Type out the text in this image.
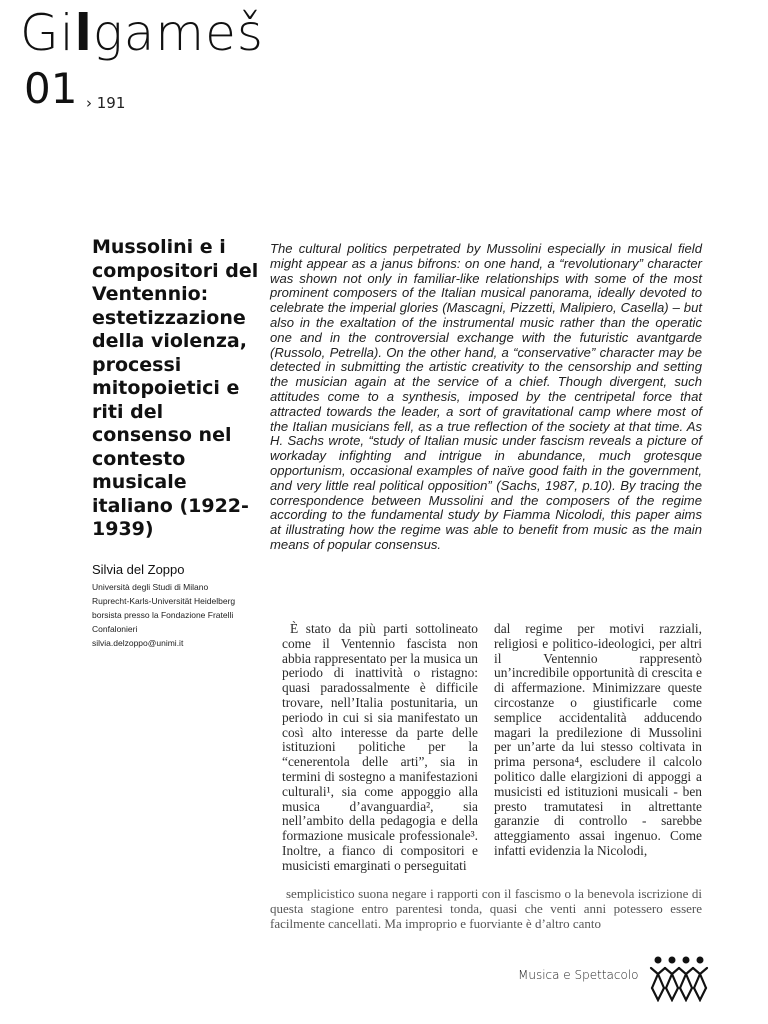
Gilgameš
01 › 191
Mussolini e i compositori del Ventennio: estetizzazione della violenza, processi mitopoietici e riti del consenso nel contesto musicale italiano (1922-1939)
Silvia del Zoppo
Università degli Studi di Milano
Ruprecht-Karls-Universität Heidelberg
borsista presso la Fondazione Fratelli
Confalonieri
silvia.delzoppo@unimi.it

The cultural politics perpetrated by Mussolini especially in musical field might appear as a janus bifrons: on one hand, a “revolutionary” character was shown not only in familiar-like relationships with some of the most prominent composers of the Italian musical panorama, ideally devoted to celebrate the imperial glories (Mascagni, Pizzetti, Malipiero, Casella) – but also in the exaltation of the instrumental music rather than the operatic one and in the controversial exchange with the futuristic avantgarde (Russolo, Petrella). On the other hand, a “conservative” character may be detected in submitting the artistic creativity to the censorship and setting the musician again at the service of a chief. Though divergent, such attitudes come to a synthesis, imposed by the centripetal force that attracted towards the leader, a sort of gravitational camp where most of the Italian musicians fell, as a true reflection of the society at that time. As H. Sachs wrote, “study of Italian music under fascism reveals a picture of workaday infighting and intrigue in abundance, much grotesque opportunism, occasional examples of naïve good faith in the government, and very little real political opposition” (Sachs, 1987, p.10). By tracing the correspondence between Mussolini and the composers of the regime according to the fundamental study by Fiamma Nicolodi, this paper aims at illustrating how the regime was able to benefit from music as the main means of popular consensus.

È stato da più parti sottolineato come il Ventennio fascista non abbia rappresentato per la musica un periodo di inattività o ristagno: quasi paradossalmente è difficile trovare, nell’Italia postunitaria, un periodo in cui si sia manifestato un così alto interesse da parte delle istituzioni politiche per la “cenerentola delle arti”, sia in termini di sostegno a manifestazioni culturali¹, sia come appoggio alla musica d’avanguardia², sia nell’ambito della pedagogia e della formazione musicale professionale³. Inoltre, a fianco di compositori e musicisti emarginati o perseguitati

dal regime per motivi razziali, religiosi e politico-ideologici, per altri il Ventennio rappresentò un’incredibile opportunità di crescita e di affermazione. Minimizzare queste circostanze o giustificarle come semplice accidentalità adducendo magari la predilezione di Mussolini per un’arte da lui stesso coltivata in prima persona⁴, escludere il calcolo politico dalle elargizioni di appoggi a musicisti ed istituzioni musicali - ben presto tramutatesi in altrettante garanzie di controllo - sarebbe atteggiamento assai ingenuo. Come infatti evidenzia la Nicolodi,

semplicistico suona negare i rapporti con il fascismo o la benevola iscrizione di questa stagione entro parentesi tonda, quasi che venti anni potessero essere facilmente cancellati. Ma improprio e fuorviante è d’altro canto

Musica e Spettacolo
